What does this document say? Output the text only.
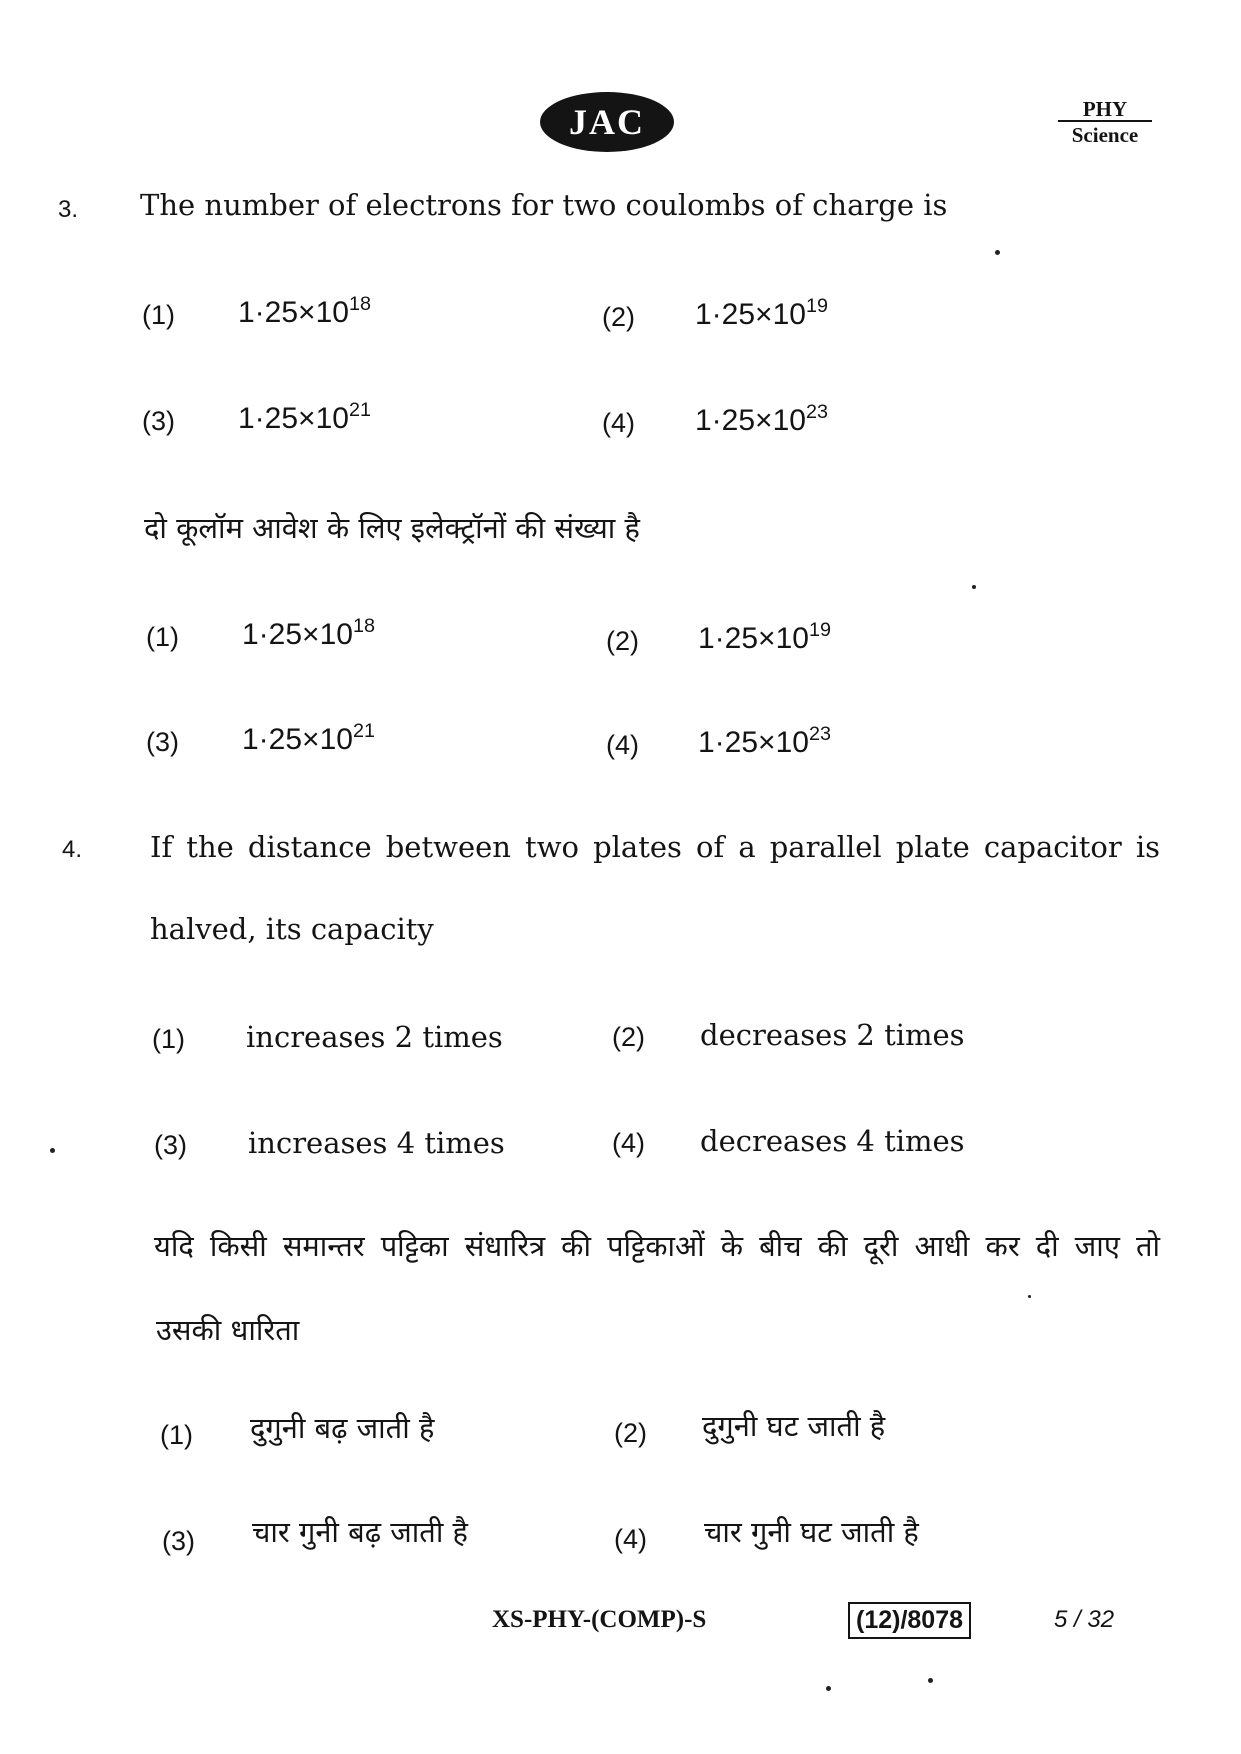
JAC	PHY
Science
3. The number of electrons for two coulombs of charge is
(1) $1\cdot 25\times 10^{18}$	(2) $1\cdot 25\times 10^{19}$
(3) $1\cdot 25\times 10^{21}$	(4) $1\cdot 25\times 10^{23}$
दो कूलॉम आवेश के लिए इलेक्ट्रॉनों की संख्या है
(1) $1\cdot 25\times 10^{18}$	(2) $1\cdot 25\times 10^{19}$
(3) $1\cdot 25\times 10^{21}$	(4) $1\cdot 25\times 10^{23}$
4. If the distance between two plates of a parallel plate capacitor is
halved, its capacity
(1) increases 2 times	(2) decreases 2 times
(3) increases 4 times	(4) decreases 4 times
यदि किसी समान्तर पट्टिका संधारित्र की पट्टिकाओं के बीच की दूरी आधी कर दी जाए तो
उसकी धारिता
(1) दुगुनी बढ़ जाती है	(2) दुगुनी घट जाती है
(3) चार गुनी बढ़ जाती है	(4) चार गुनी घट जाती है
XS-PHY-(COMP)-S	(12)/8078	5 / 32
